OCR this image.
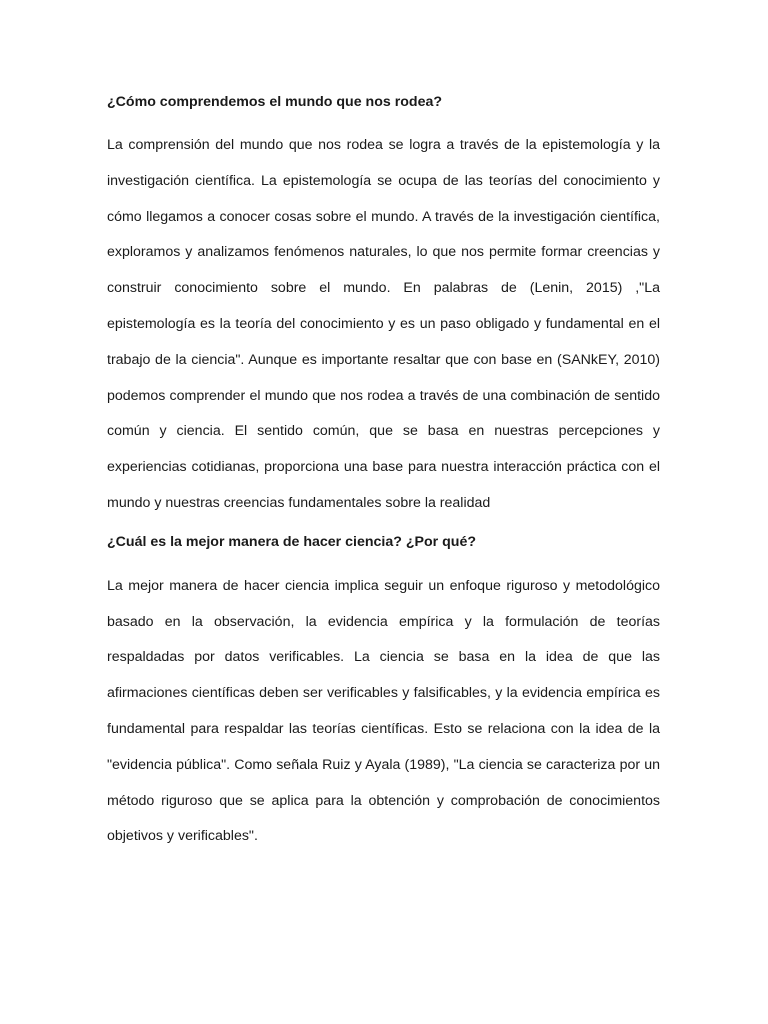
¿Cómo comprendemos el mundo que nos rodea?

La comprensión del mundo que nos rodea se logra a través de la epistemología y la investigación científica. La epistemología se ocupa de las teorías del conocimiento y cómo llegamos a conocer cosas sobre el mundo. A través de la investigación científica, exploramos y analizamos fenómenos naturales, lo que nos permite formar creencias y construir conocimiento sobre el mundo. En palabras de (Lenin, 2015) ,"La epistemología es la teoría del conocimiento y es un paso obligado y fundamental en el trabajo de la ciencia". Aunque es importante resaltar que con base en (SANkEY, 2010) podemos comprender el mundo que nos rodea a través de una combinación de sentido común y ciencia. El sentido común, que se basa en nuestras percepciones y experiencias cotidianas, proporciona una base para nuestra interacción práctica con el mundo y nuestras creencias fundamentales sobre la realidad

¿Cuál es la mejor manera de hacer ciencia? ¿Por qué?

La mejor manera de hacer ciencia implica seguir un enfoque riguroso y metodológico basado en la observación, la evidencia empírica y la formulación de teorías respaldadas por datos verificables. La ciencia se basa en la idea de que las afirmaciones científicas deben ser verificables y falsificables, y la evidencia empírica es fundamental para respaldar las teorías científicas. Esto se relaciona con la idea de la "evidencia pública". Como señala Ruiz y Ayala (1989), "La ciencia se caracteriza por un método riguroso que se aplica para la obtención y comprobación de conocimientos objetivos y verificables".
